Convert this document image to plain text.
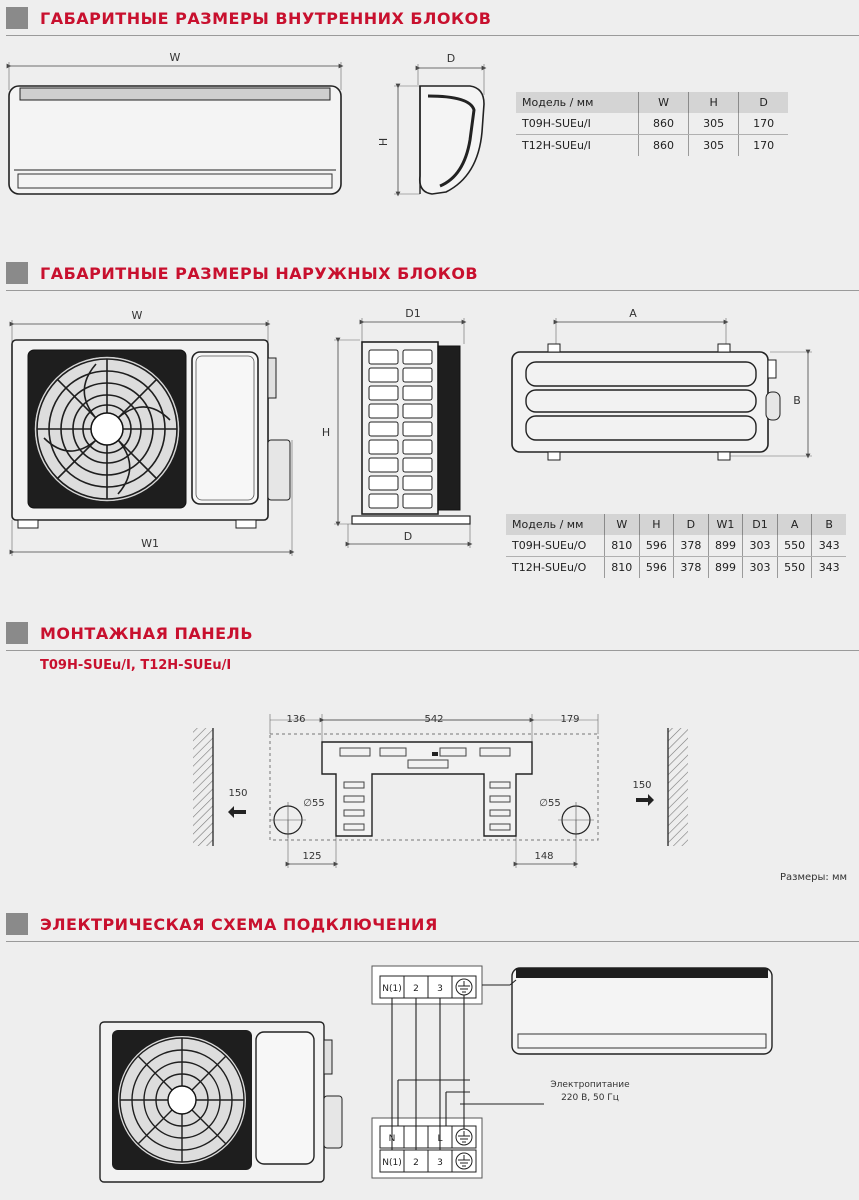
ГАБАРИТНЫЕ РАЗМЕРЫ ВНУТРЕННИХ БЛОКОВ
ГАБАРИТНЫЕ РАЗМЕРЫ НАРУЖНЫХ БЛОКОВ
МОНТАЖНАЯ ПАНЕЛЬ
T09H-SUEu/I, T12H-SUEu/I
ЭЛЕКТРИЧЕСКАЯ СХЕМА ПОДКЛЮЧЕНИЯ
W	D
H
W
W1
D1
H
D
A
B
136	542	179
150
150
∅55	∅55
125	148
Электропитание
220 В, 50 Гц
N(1) 2 3
N	L
N(1) 2 3
Модель / мм	W	H	D
T09H-SUEu/I	860	305	170
T12H-SUEu/I	860	305	170
Модель / мм	W	H	D	W1	D1	A	B
T09H-SUEu/O	810	596	378	899	303	550	343
T12H-SUEu/O	810	596	378	899	303	550	343
Размеры: мм
